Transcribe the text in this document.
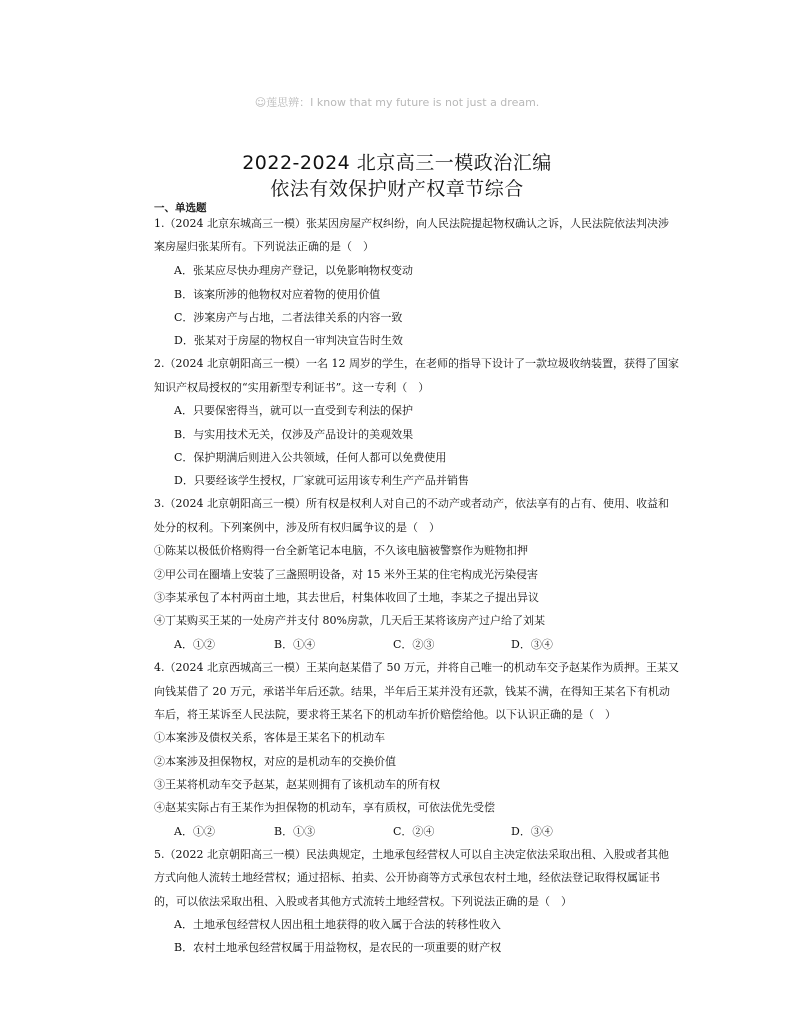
☺莲思辨：I know that my future is not just a dream.
2022-2024 北京高三一模政治汇编
依法有效保护财产权章节综合
一、单选题
1.（2024 北京东城高三一模）张某因房屋产权纠纷，向人民法院提起物权确认之诉，人民法院依法判决涉
案房屋归张某所有。下列说法正确的是（　）
A．张某应尽快办理房产登记，以免影响物权变动
B．该案所涉的他物权对应着物的使用价值
C．涉案房产与占地，二者法律关系的内容一致
D．张某对于房屋的物权自一审判决宣告时生效
2.（2024 北京朝阳高三一模）一名 12 周岁的学生，在老师的指导下设计了一款垃圾收纳装置，获得了国家
知识产权局授权的“实用新型专利证书”。这一专利（　）
A．只要保密得当，就可以一直受到专利法的保护
B．与实用技术无关，仅涉及产品设计的美观效果
C．保护期满后则进入公共领域，任何人都可以免费使用
D．只要经该学生授权，厂家就可运用该专利生产产品并销售
3.（2024 北京朝阳高三一模）所有权是权利人对自己的不动产或者动产，依法享有的占有、使用、收益和
处分的权利。下列案例中，涉及所有权归属争议的是（　）
①陈某以极低价格购得一台全新笔记本电脑，不久该电脑被警察作为赃物扣押
②甲公司在圈墙上安装了三盏照明设备，对 15 米外王某的住宅构成光污染侵害
③李某承包了本村两亩土地，其去世后，村集体收回了土地，李某之子提出异议
④丁某购买王某的一处房产并支付 80%房款，几天后王某将该房产过户给了刘某
A．①②	B．①④	C．②③	D．③④
4.（2024 北京西城高三一模）王某向赵某借了 50 万元，并将自己唯一的机动车交予赵某作为质押。王某又
向钱某借了 20 万元，承诺半年后还款。结果，半年后王某并没有还款，钱某不满，在得知王某名下有机动
车后，将王某诉至人民法院，要求将王某名下的机动车折价赔偿给他。以下认识正确的是（　）
①本案涉及债权关系，客体是王某名下的机动车
②本案涉及担保物权，对应的是机动车的交换价值
③王某将机动车交予赵某，赵某则拥有了该机动车的所有权
④赵某实际占有王某作为担保物的机动车，享有质权，可依法优先受偿
A．①②	B．①③	C．②④	D．③④
5.（2022 北京朝阳高三一模）民法典规定，土地承包经营权人可以自主决定依法采取出租、入股或者其他
方式向他人流转土地经营权；通过招标、拍卖、公开协商等方式承包农村土地，经依法登记取得权属证书
的，可以依法采取出租、入股或者其他方式流转土地经营权。下列说法正确的是（　）
A．土地承包经营权人因出租土地获得的收入属于合法的转移性收入
B．农村土地承包经营权属于用益物权，是农民的一项重要的财产权
